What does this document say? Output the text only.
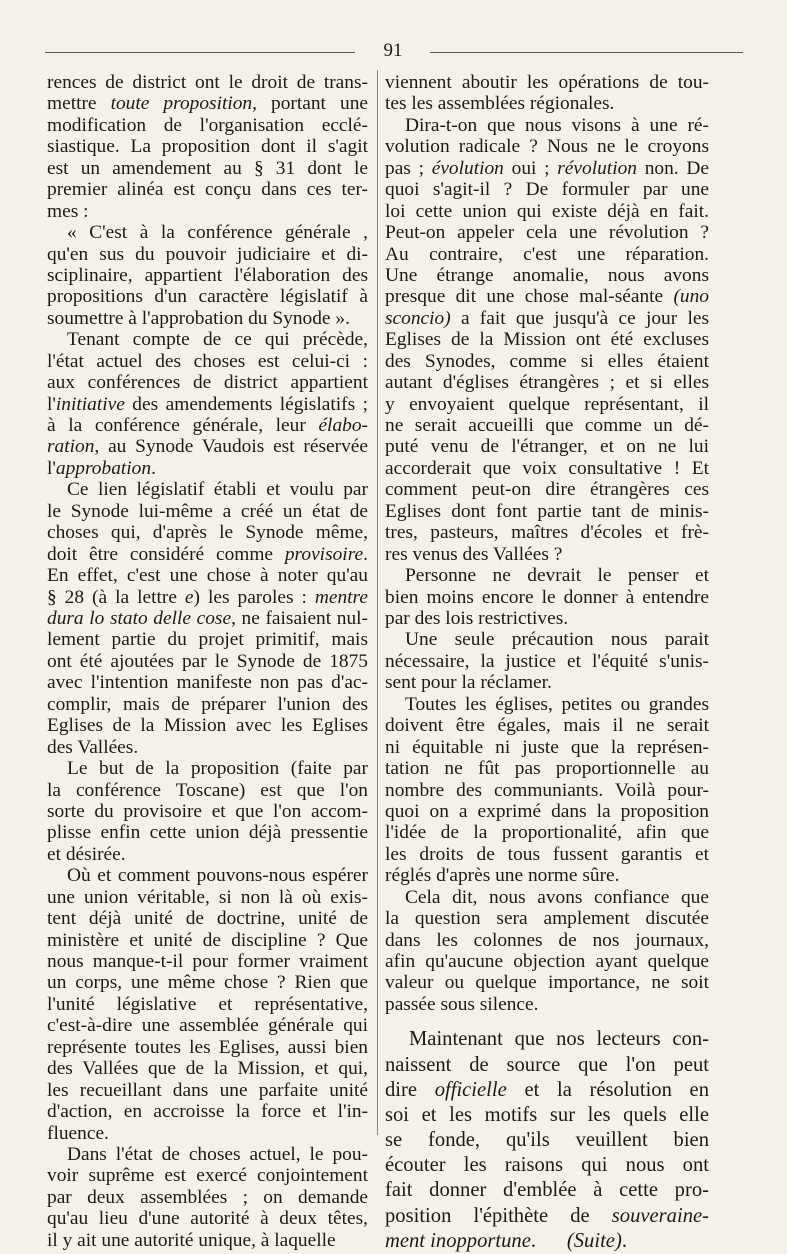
91

rences de district ont le droit de trans-
mettre toute proposition, portant une
modification de l'organisation ecclé-
siastique. La proposition dont il s'agit
est un amendement au § 31 dont le
premier alinéa est conçu dans ces ter-
mes :

« C'est à la conférence générale ,
qu'en sus du pouvoir judiciaire et di-
sciplinaire, appartient l'élaboration des
propositions d'un caractère législatif à
soumettre à l'approbation du Synode ».

Tenant compte de ce qui précède,
l'état actuel des choses est celui-ci :
aux conférences de district appartient
l'initiative des amendements législatifs ;
à la conférence générale, leur élabo-
ration, au Synode Vaudois est réservée
l'approbation.

Ce lien législatif établi et voulu par
le Synode lui-même a créé un état de
choses qui, d'après le Synode même,
doit être considéré comme provisoire.
En effet, c'est une chose à noter qu'au
§ 28 (à la lettre e) les paroles : mentre
dura lo stato delle cose, ne faisaient nul-
lement partie du projet primitif, mais
ont été ajoutées par le Synode de 1875
avec l'intention manifeste non pas d'ac-
complir, mais de préparer l'union des
Eglises de la Mission avec les Eglises
des Vallées.

Le but de la proposition (faite par
la conférence Toscane) est que l'on
sorte du provisoire et que l'on accom-
plisse enfin cette union déjà pressentie
et désirée.

Où et comment pouvons-nous espérer
une union véritable, si non là où exis-
tent déjà unité de doctrine, unité de
ministère et unité de discipline ? Que
nous manque-t-il pour former vraiment
un corps, une même chose ? Rien que
l'unité législative et représentative,
c'est-à-dire une assemblée générale qui
représente toutes les Eglises, aussi bien
des Vallées que de la Mission, et qui,
les recueillant dans une parfaite unité
d'action, en accroisse la force et l'in-
fluence.

Dans l'état de choses actuel, le pou-
voir suprême est exercé conjointement
par deux assemblées ; on demande
qu'au lieu d'une autorité à deux têtes,
il y ait une autorité unique, à laquelle

viennent aboutir les opérations de tou-
tes les assemblées régionales.

Dira-t-on que nous visons à une ré-
volution radicale ? Nous ne le croyons
pas ; évolution oui ; révolution non. De
quoi s'agit-il ? De formuler par une
loi cette union qui existe déjà en fait.
Peut-on appeler cela une révolution ?
Au contraire, c'est une réparation.
Une étrange anomalie, nous avons
presque dit une chose mal-séante (uno
sconcio) a fait que jusqu'à ce jour les
Eglises de la Mission ont été excluses
des Synodes, comme si elles étaient
autant d'églises étrangères ; et si elles
y envoyaient quelque représentant, il
ne serait accueilli que comme un dé-
puté venu de l'étranger, et on ne lui
accorderait que voix consultative ! Et
comment peut-on dire étrangères ces
Eglises dont font partie tant de minis-
tres, pasteurs, maîtres d'écoles et frè-
res venus des Vallées ?

Personne ne devrait le penser et
bien moins encore le donner à entendre
par des lois restrictives.

Une seule précaution nous parait
nécessaire, la justice et l'équité s'unis-
sent pour la réclamer.

Toutes les églises, petites ou grandes
doivent être égales, mais il ne serait
ni équitable ni juste que la représen-
tation ne fût pas proportionnelle au
nombre des communiants. Voilà pour-
quoi on a exprimé dans la proposition
l'idée de la proportionalité, afin que
les droits de tous fussent garantis et
réglés d'après une norme sûre.

Cela dit, nous avons confiance que
la question sera amplement discutée
dans les colonnes de nos journaux,
afin qu'aucune objection ayant quelque
valeur ou quelque importance, ne soit
passée sous silence.

Maintenant que nos lecteurs con-
naissent de source que l'on peut
dire officielle et la résolution en
soi et les motifs sur les quels elle
se fonde, qu'ils veuillent bien
écouter les raisons qui nous ont
fait donner d'emblée à cette pro-
position l'épithète de souveraine-
ment inopportune.      (Suite).
